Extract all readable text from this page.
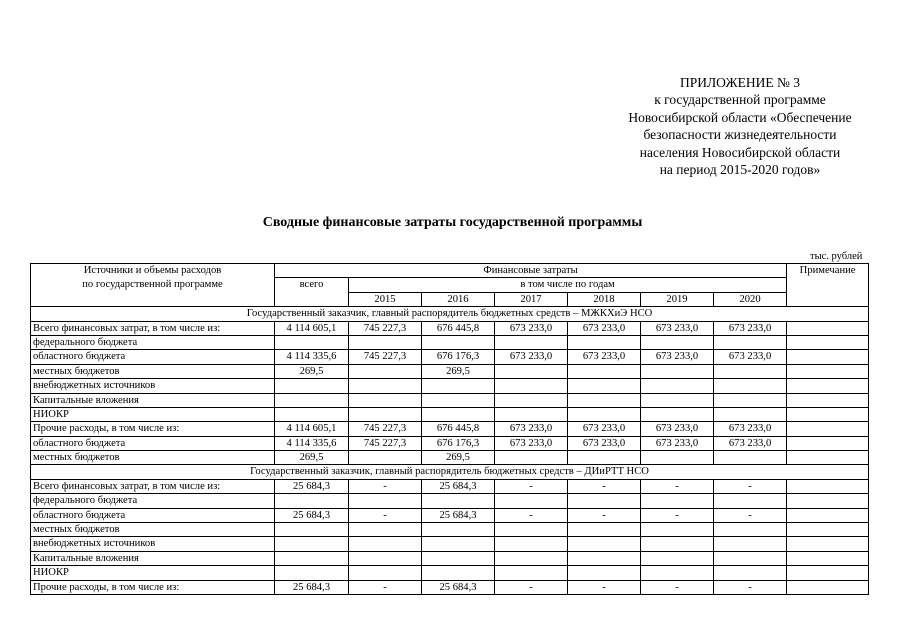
ПРИЛОЖЕНИЕ № 3
к государственной программе
Новосибирской области «Обеспечение
безопасности жизнедеятельности
населения Новосибирской области
на период 2015-2020 годов»
Сводные финансовые затраты государственной программы
тыс. рублей
Источники и объемы расходов
по государственной программе	Финансовые затраты							Примечание
	всего	в том числе по годам						
		2015	2016	2017	2018	2019	2020	
Государственный заказчик, главный распорядитель бюджетных средств – МЖКХиЭ НСО								
Всего финансовых затрат, в том числе из:	4 114 605,1	745 227,3	676 445,8	673 233,0	673 233,0	673 233,0	673 233,0	
федерального бюджета								
областного бюджета	4 114 335,6	745 227,3	676 176,3	673 233,0	673 233,0	673 233,0	673 233,0	
местных бюджетов	269,5		269,5					
внебюджетных источников								
Капитальные вложения								
НИОКР								
Прочие расходы, в том числе из:	4 114 605,1	745 227,3	676 445,8	673 233,0	673 233,0	673 233,0	673 233,0	
областного бюджета	4 114 335,6	745 227,3	676 176,3	673 233,0	673 233,0	673 233,0	673 233,0	
местных бюджетов	269,5		269,5					
Государственный заказчик, главный распорядитель бюджетных средств – ДИиРТТ НСО								
Всего финансовых затрат, в том числе из:	25 684,3	-	25 684,3	-	-	-	-	
федерального бюджета								
областного бюджета	25 684,3	-	25 684,3	-	-	-	-	
местных бюджетов								
внебюджетных источников								
Капитальные вложения								
НИОКР								
Прочие расходы, в том числе из:	25 684,3	-	25 684,3	-	-	-	-	
